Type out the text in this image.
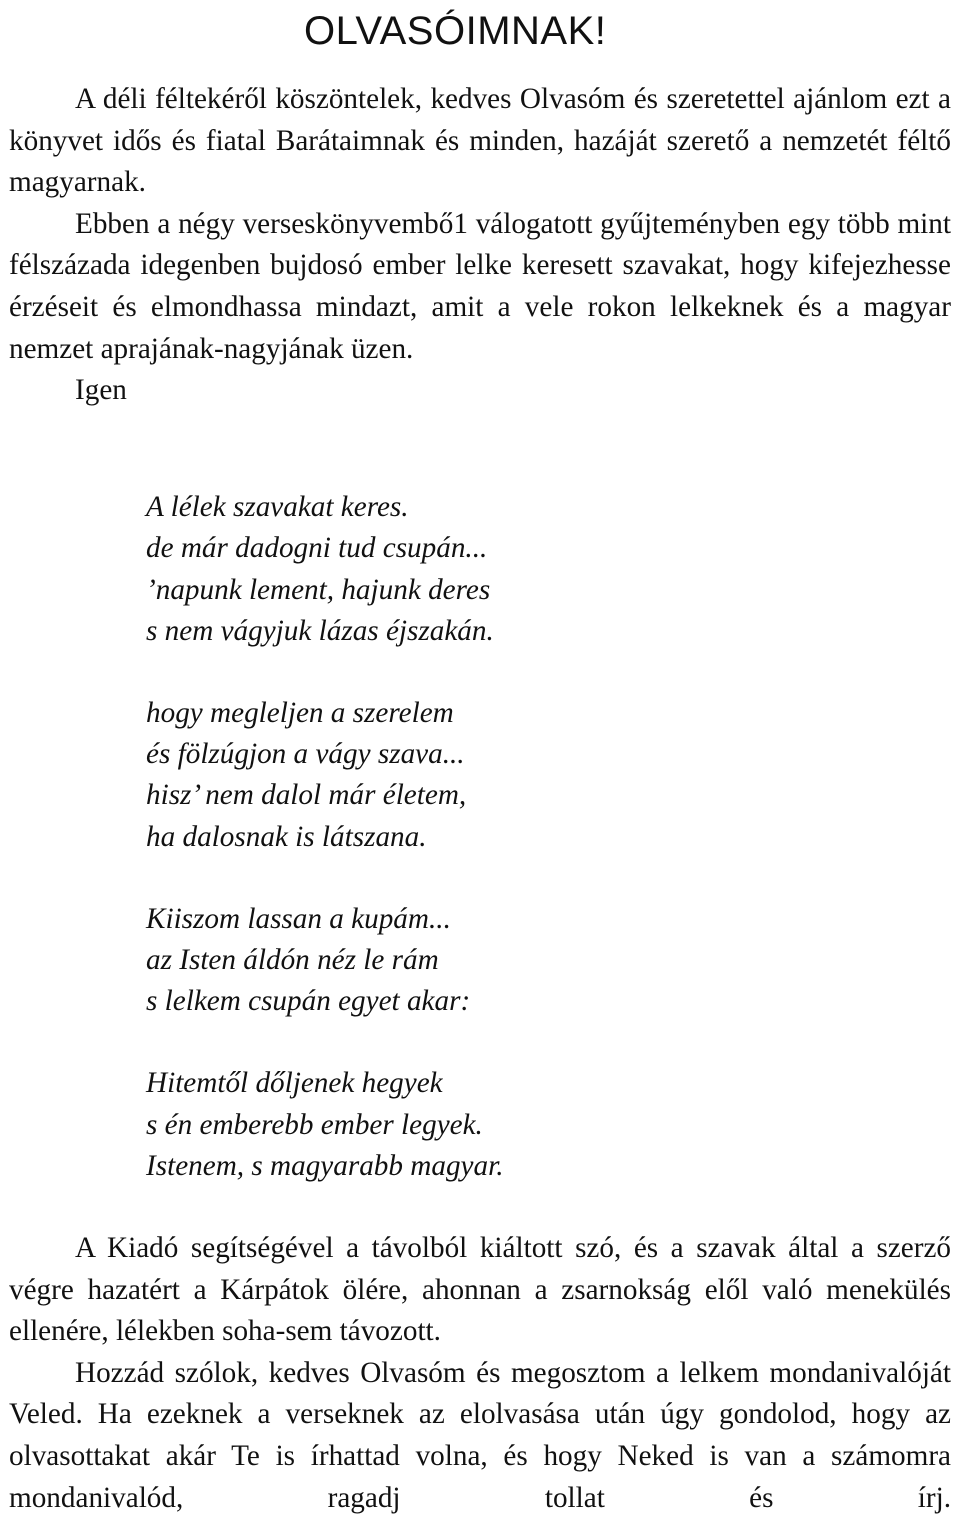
OLVASÓIMNAK!

A déli féltekéről köszöntelek, kedves Olvasóm és szeretettel ajánlom ezt a könyvet idős és fiatal Barátaimnak és minden, hazáját szerető a nemzetét féltő magyarnak.

Ebben a négy verseskönyvembő1 válogatott gyűjteményben egy több mint félszázada idegenben bujdosó ember lelke keresett szavakat, hogy kifejezhesse érzéseit és elmondhassa mindazt, amit a vele rokon lelkeknek és a magyar nemzet aprajának-nagyjának üzen.

Igen

A lélek szavakat keres.
de már dadogni tud csupán...
’napunk lement, hajunk deres
s nem vágyjuk lázas éjszakán.
hogy megleljen a szerelem
és fölzúgjon a vágy szava...
hisz’ nem dalol már életem,
ha dalosnak is látszana.
Kiiszom lassan a kupám...
az Isten áldón néz le rám
s lelkem csupán egyet akar:
Hitemtől dőljenek hegyek
s én emberebb ember legyek.
Istenem, s magyarabb magyar.

A Kiadó segítségével a távolból kiáltott szó, és a szavak által a szerző végre hazatért a Kárpátok ölére, ahonnan a zsarnokság elől való menekülés ellenére, lélekben soha-sem távozott.

Hozzád szólok, kedves Olvasóm és megosztom a lelkem mondanivalóját Veled. Ha ezeknek a verseknek az elolvasása után úgy gondolod, hogy az olvasottakat akár Te is írhattad volna, és hogy Neked is van a számomra mondanivalód, ragadj tollat és írj.
